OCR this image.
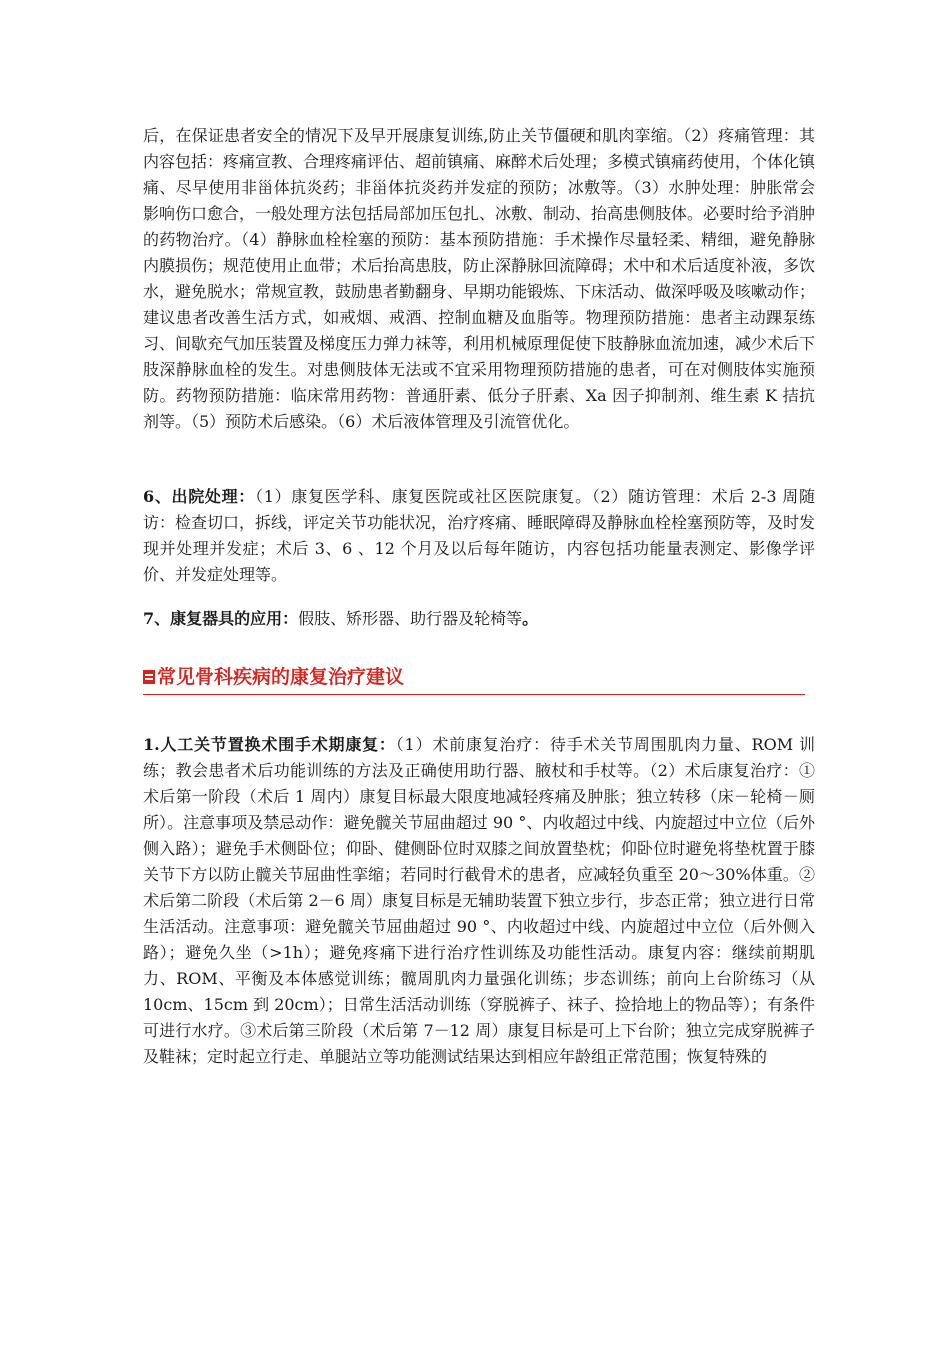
后，在保证患者安全的情况下及早开展康复训练,防止关节僵硬和肌肉挛缩。（2）疼痛管理：其内容包括：疼痛宣教、合理疼痛评估、超前镇痛、麻醉术后处理；多模式镇痛药使用，个体化镇痛、尽早使用非甾体抗炎药；非甾体抗炎药并发症的预防；冰敷等。（3）水肿处理：肿胀常会影响伤口愈合，一般处理方法包括局部加压包扎、冰敷、制动、抬高患侧肢体。必要时给予消肿的药物治疗。（4）静脉血栓栓塞的预防：基本预防措施：手术操作尽量轻柔、精细，避免静脉内膜损伤；规范使用止血带；术后抬高患肢，防止深静脉回流障碍；术中和术后适度补液，多饮水，避免脱水；常规宣教，鼓励患者勤翻身、早期功能锻炼、下床活动、做深呼吸及咳嗽动作；建议患者改善生活方式，如戒烟、戒酒、控制血糖及血脂等。物理预防措施：患者主动踝泵练习、间歇充气加压装置及梯度压力弹力袜等，利用机械原理促使下肢静脉血流加速，减少术后下肢深静脉血栓的发生。对患侧肢体无法或不宜采用物理预防措施的患者，可在对侧肢体实施预防。药物预防措施：临床常用药物：普通肝素、低分子肝素、Xa 因子抑制剂、维生素 K 拮抗剂等。（5）预防术后感染。（6）术后液体管理及引流管优化。

6、出院处理：（1）康复医学科、康复医院或社区医院康复。（2）随访管理：术后 2-3 周随访：检查切口，拆线，评定关节功能状况，治疗疼痛、睡眠障碍及静脉血栓栓塞预防等，及时发现并处理并发症；术后 3、6 、12 个月及以后每年随访，内容包括功能量表测定、影像学评价、并发症处理等。

7、康复器具的应用：假肢、矫形器、助行器及轮椅等。

常见骨科疾病的康复治疗建议

1.人工关节置换术围手术期康复：（1）术前康复治疗：待手术关节周围肌肉力量、ROM 训练；教会患者术后功能训练的方法及正确使用助行器、腋杖和手杖等。（2）术后康复治疗：①术后第一阶段（术后 1 周内）康复目标最大限度地减轻疼痛及肿胀；独立转移（床－轮椅－厕所）。注意事项及禁忌动作：避免髋关节屈曲超过 90 °、内收超过中线、内旋超过中立位（后外侧入路）；避免手术侧卧位；仰卧、健侧卧位时双膝之间放置垫枕；仰卧位时避免将垫枕置于膝关节下方以防止髋关节屈曲性挛缩；若同时行截骨术的患者，应减轻负重至 20～30%体重。②术后第二阶段（术后第 2－6 周）康复目标是无辅助装置下独立步行，步态正常；独立进行日常生活活动。注意事项：避免髋关节屈曲超过 90 °、内收超过中线、内旋超过中立位（后外侧入路）；避免久坐（>1h）；避免疼痛下进行治疗性训练及功能性活动。康复内容：继续前期肌力、ROM、平衡及本体感觉训练；髋周肌肉力量强化训练；步态训练；前向上台阶练习（从 10cm、15cm 到 20cm）；日常生活活动训练（穿脱裤子、袜子、捡拾地上的物品等）；有条件可进行水疗。③术后第三阶段（术后第 7－12 周）康复目标是可上下台阶；独立完成穿脱裤子及鞋袜；定时起立行走、单腿站立等功能测试结果达到相应年龄组正常范围；恢复特殊的
